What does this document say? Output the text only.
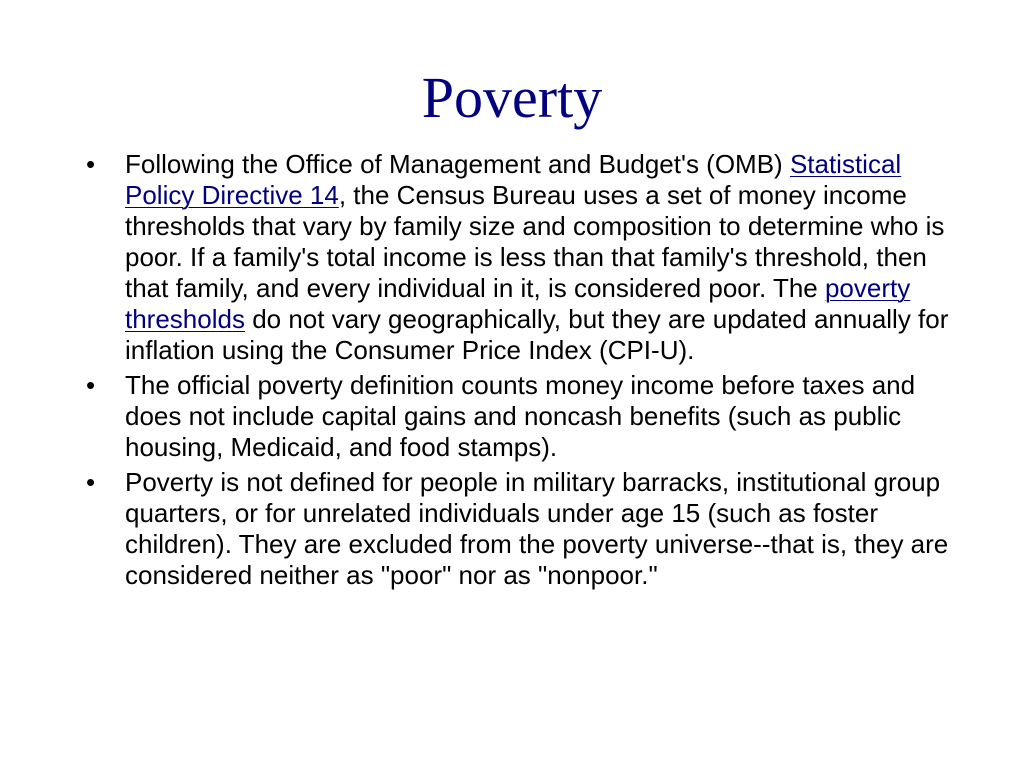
Poverty
• Following the Office of Management and Budget's (OMB) Statistical Policy Directive 14, the Census Bureau uses a set of money income thresholds that vary by family size and composition to determine who is poor. If a family's total income is less than that family's threshold, then that family, and every individual in it, is considered poor. The poverty thresholds do not vary geographically, but they are updated annually for inflation using the Consumer Price Index (CPI-U).
• The official poverty definition counts money income before taxes and does not include capital gains and noncash benefits (such as public housing, Medicaid, and food stamps).
• Poverty is not defined for people in military barracks, institutional group quarters, or for unrelated individuals under age 15 (such as foster children). They are excluded from the poverty universe--that is, they are considered neither as "poor" nor as "nonpoor."
